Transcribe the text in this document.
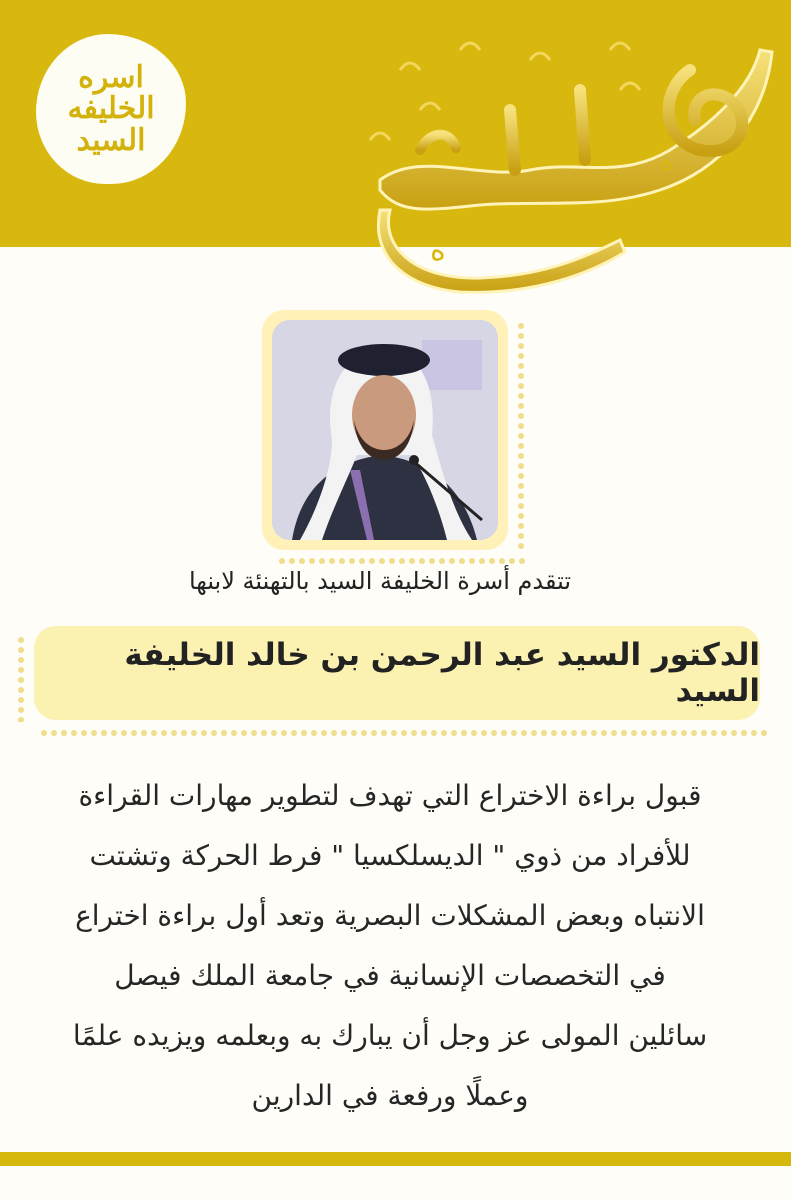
اسره
الخليفه
السيد
ه
ه
تتقدم أسرة الخليفة السيد بالتهنئة لابنها
الدكتور السيد عبد الرحمن بن خالد الخليفة السيد
قبول براءة الاختراع التي تهدف لتطوير مهارات القراءة
للأفراد من ذوي " الديسلكسيا " فرط الحركة وتشتت
الانتباه وبعض المشكلات البصرية وتعد أول براءة اختراع
في التخصصات الإنسانية في جامعة الملك فيصل
سائلين المولى عز وجل أن يبارك به وبعلمه ويزيده علمًا
وعملًا ورفعة في الدارين
